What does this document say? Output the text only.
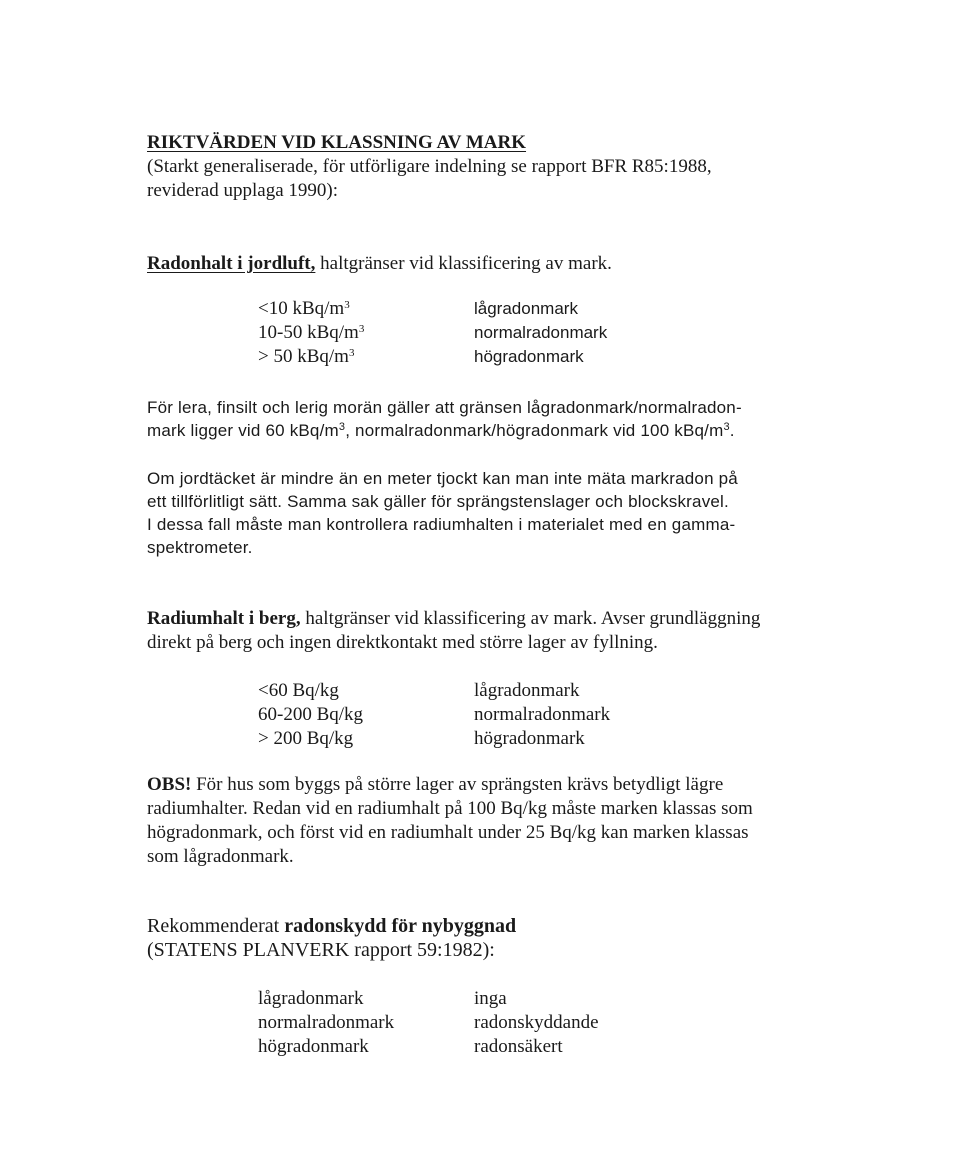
RIKTVÄRDEN VID KLASSNING AV MARK
(Starkt generaliserade, för utförligare indelning se rapport BFR R85:1988,
reviderad upplaga 1990):
Radonhalt i jordluft, haltgränser vid klassificering av mark.
<10 kBq/$m^3$	lågradonmark
10-50 kBq/$m^3$	normalradonmark
> 50 kBq/$m^3$	högradonmark
För lera, finsilt och lerig morän gäller att gränsen lågradonmark/normalradon-
mark ligger vid 60 kBq/$m^3$, normalradonmark/högradonmark vid 100 kBq/$m^3$.
Om jordtäcket är mindre än en meter tjockt kan man inte mäta markradon på
ett tillförlitligt sätt. Samma sak gäller för sprängstenslager och blockskravel.
I dessa fall måste man kontrollera radiumhalten i materialet med en gamma-
spektrometer.
Radiumhalt i berg, haltgränser vid klassificering av mark. Avser grundläggning
direkt på berg och ingen direktkontakt med större lager av fyllning.
<60 Bq/kg	lågradonmark
60-200 Bq/kg	normalradonmark
> 200 Bq/kg	högradonmark
OBS! För hus som byggs på större lager av sprängsten krävs betydligt lägre
radiumhalter. Redan vid en radiumhalt på 100 Bq/kg måste marken klassas som
högradonmark, och först vid en radiumhalt under 25 Bq/kg kan marken klassas
som lågradonmark.
Rekommenderat radonskydd för nybyggnad
(STATENS PLANVERK rapport 59:1982):
lågradonmark	inga
normalradonmark	radonskyddande
högradonmark	radonsäkert
